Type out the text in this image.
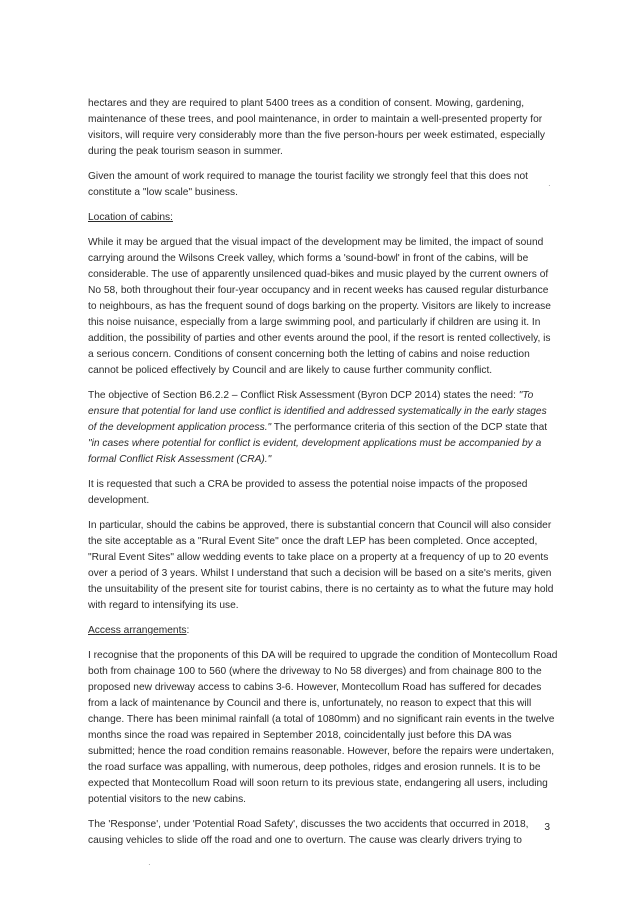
hectares and they are required to plant 5400 trees as a condition of consent. Mowing, gardening, maintenance of these trees, and pool maintenance, in order to maintain a well-presented property for visitors, will require very considerably more than the five person-hours per week estimated, especially during the peak tourism season in summer.

Given the amount of work required to manage the tourist facility we strongly feel that this does not constitute a "low scale" business.

Location of cabins:

While it may be argued that the visual impact of the development may be limited, the impact of sound carrying around the Wilsons Creek valley, which forms a 'sound-bowl' in front of the cabins, will be considerable. The use of apparently unsilenced quad-bikes and music played by the current owners of No 58, both throughout their four-year occupancy and in recent weeks has caused regular disturbance to neighbours, as has the frequent sound of dogs barking on the property. Visitors are likely to increase this noise nuisance, especially from a large swimming pool, and particularly if children are using it. In addition, the possibility of parties and other events around the pool, if the resort is rented collectively, is a serious concern. Conditions of consent concerning both the letting of cabins and noise reduction cannot be policed effectively by Council and are likely to cause further community conflict.

The objective of Section B6.2.2 – Conflict Risk Assessment (Byron DCP 2014) states the need: "To ensure that potential for land use conflict is identified and addressed systematically in the early stages of the development application process." The performance criteria of this section of the DCP state that "in cases where potential for conflict is evident, development applications must be accompanied by a formal Conflict Risk Assessment (CRA)."

It is requested that such a CRA be provided to assess the potential noise impacts of the proposed development.

In particular, should the cabins be approved, there is substantial concern that Council will also consider the site acceptable as a "Rural Event Site" once the draft LEP has been completed. Once accepted, "Rural Event Sites" allow wedding events to take place on a property at a frequency of up to 20 events over a period of 3 years. Whilst I understand that such a decision will be based on a site's merits, given the unsuitability of the present site for tourist cabins, there is no certainty as to what the future may hold with regard to intensifying its use.

Access arrangements:

I recognise that the proponents of this DA will be required to upgrade the condition of Montecollum Road both from chainage 100 to 560 (where the driveway to No 58 diverges) and from chainage 800 to the proposed new driveway access to cabins 3-6. However, Montecollum Road has suffered for decades from a lack of maintenance by Council and there is, unfortunately, no reason to expect that this will change. There has been minimal rainfall (a total of 1080mm) and no significant rain events in the twelve months since the road was repaired in September 2018, coincidentally just before this DA was submitted; hence the road condition remains reasonable. However, before the repairs were undertaken, the road surface was appalling, with numerous, deep potholes, ridges and erosion runnels. It is to be expected that Montecollum Road will soon return to its previous state, endangering all users, including potential visitors to the new cabins.

The 'Response', under 'Potential Road Safety', discusses the two accidents that occurred in 2018, causing vehicles to slide off the road and one to overturn. The cause was clearly drivers trying to

3
·
·
